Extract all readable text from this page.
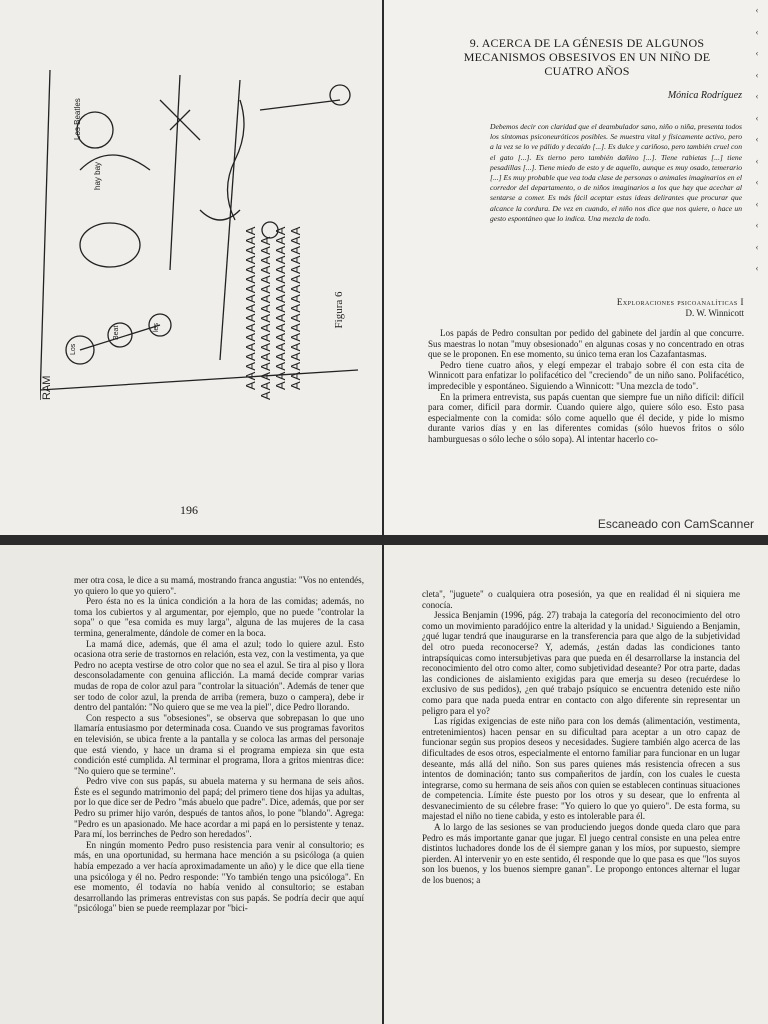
AAAAAAAAAAAAAAAAA
AAAAAAAAAAAAAAAAA
AAAAAAAAAAAAAAAAA
AAAAAAAAAAAAAAAAA	Figura 6
RAM
Los Beatles
hay bay
Los
Beat	les
196
9. ACERCA DE LA GÉNESIS DE ALGUNOS MECANISMOS OBSESIVOS EN UN NIÑO DE CUATRO AÑOS
Mónica Rodríguez
Debemos decir con claridad que el deambulador sano, niño o niña, presenta todos los síntomas psiconeuróticos posibles. Se muestra vital y físicamente activo, pero a la vez se lo ve pálido y decaído [...]. Es dulce y cariñoso, pero también cruel con el gato [...]. Es tierno pero también dañino [...]. Tiene rabietas [...] tiene pesadillas [...]. Tiene miedo de esto y de aquello, aunque es muy osado, temerario [...] Es muy probable que vea toda clase de personas o animales imaginarios en el corredor del departamento, o de niños imaginarios a los que hay que acechar al sentarse a comer. Es más fácil aceptar estas ideas delirantes que procurar que alcance la cordura. De vez en cuando, el niño nos dice que nos quiere, o hace un gesto espontáneo que lo indica. Una mezcla de todo.
Exploraciones psicoanalíticas I
D. W. Winnicott

Los papás de Pedro consultan por pedido del gabinete del jardín al que concurre. Sus maestras lo notan "muy obsesionado" en algunas cosas y no concentrado en otras que se le proponen. En ese momento, su único tema eran los Cazafantasmas.

Pedro tiene cuatro años, y elegí empezar el trabajo sobre él con esta cita de Winnicott para enfatizar lo polifacético del "creciendo" de un niño sano. Polifacético, impredecible y espontáneo. Siguiendo a Winnicott: "Una mezcla de todo".

En la primera entrevista, sus papás cuentan que siempre fue un niño difícil: difícil para comer, difícil para dormir. Cuando quiere algo, quiere sólo eso. Esto pasa especialmente con la comida: sólo come aquello que él decide, y pide lo mismo durante varios días y en las diferentes comidas (sólo huevos fritos o sólo hamburguesas o sólo leche o sólo sopa). Al intentar hacerlo co-

‹
‹
‹
‹
‹
‹
‹
‹
‹
‹
‹
‹
‹
Escaneado con CamScanner

mer otra cosa, le dice a su mamá, mostrando franca angustia: "Vos no entendés, yo quiero lo que yo quiero".

Pero ésta no es la única condición a la hora de las comidas; además, no toma los cubiertos y al argumentar, por ejemplo, que no puede "controlar la sopa" o que "esa comida es muy larga", alguna de las mujeres de la casa termina, generalmente, dándole de comer en la boca.

La mamá dice, además, que él ama el azul; todo lo quiere azul. Esto ocasiona otra serie de trastornos en relación, esta vez, con la vestimenta, ya que Pedro no acepta vestirse de otro color que no sea el azul. Se tira al piso y llora desconsoladamente con genuina aflicción. La mamá decide comprar varias mudas de ropa de color azul para "controlar la situación". Además de tener que ser todo de color azul, la prenda de arriba (remera, buzo o campera), debe ir dentro del pantalón: "No quiero que se me vea la piel", dice Pedro llorando.

Con respecto a sus "obsesiones", se observa que sobrepasan lo que uno llamaría entusiasmo por determinada cosa. Cuando ve sus programas favoritos en televisión, se ubica frente a la pantalla y se coloca las armas del personaje que está viendo, y hace un drama si el programa empieza sin que esta condición esté cumplida. Al terminar el programa, llora a gritos mientras dice: "No quiero que se termine".

Pedro vive con sus papás, su abuela materna y su hermana de seis años. Éste es el segundo matrimonio del papá; del primero tiene dos hijas ya adultas, por lo que dice ser de Pedro "más abuelo que padre". Dice, además, que por ser Pedro su primer hijo varón, después de tantos años, lo pone "blando". Agrega: "Pedro es un apasionado. Me hace acordar a mi papá en lo persistente y tenaz. Para mí, los berrinches de Pedro son heredados".

En ningún momento Pedro puso resistencia para venir al consultorio; es más, en una oportunidad, su hermana hace mención a su psicóloga (a quien había empezado a ver hacía aproximadamente un año) y le dice que ella tiene una psicóloga y él no. Pedro responde: "Yo también tengo una psicóloga". En ese momento, él todavía no había venido al consultorio; se estaban desarrollando las primeras entrevistas con sus papás. Se podría decir que aquí "psicóloga" bien se puede reemplazar por "bici-

cleta", "juguete" o cualquiera otra posesión, ya que en realidad él ni siquiera me conocía.

Jessica Benjamin (1996, pág. 27) trabaja la categoría del reconocimiento del otro como un movimiento paradójico entre la alteridad y la unidad.¹ Siguiendo a Benjamin, ¿qué lugar tendrá que inaugurarse en la transferencia para que algo de la subjetividad del otro pueda reconocerse? Y, además, ¿están dadas las condiciones tanto intrapsíquicas como intersubjetivas para que pueda en él desarrollarse la instancia del reconocimiento del otro como alter, como subjetividad deseante? Por otra parte, dadas las condiciones de aislamiento exigidas para que emerja su deseo (recuérdese lo exclusivo de sus pedidos), ¿en qué trabajo psíquico se encuentra detenido este niño como para que nada pueda entrar en contacto con algo diferente sin representar un peligro para el yo?

Las rígidas exigencias de este niño para con los demás (alimentación, vestimenta, entretenimientos) hacen pensar en su dificultad para aceptar a un otro capaz de funcionar según sus propios deseos y necesidades. Sugiere también algo acerca de las dificultades de esos otros, especialmente el entorno familiar para funcionar en un lugar deseante, más allá del niño. Son sus pares quienes más resistencia ofrecen a sus intentos de dominación; tanto sus compañeritos de jardín, con los cuales le cuesta integrarse, como su hermana de seis años con quien se establecen continuas situaciones de competencia. Límite éste puesto por los otros y su desear, que lo enfrenta al desvanecimiento de su célebre frase: "Yo quiero lo que yo quiero". De esta forma, su majestad el niño no tiene cabida, y esto es intolerable para él.

A lo largo de las sesiones se van produciendo juegos donde queda claro que para Pedro es más importante ganar que jugar. El juego central consiste en una pelea entre distintos luchadores donde los de él siempre ganan y los míos, por supuesto, siempre pierden. Al intervenir yo en este sentido, él responde que lo que pasa es que "los suyos son los buenos, y los buenos siempre ganan". Le propongo entonces alternar el lugar de los buenos; a
